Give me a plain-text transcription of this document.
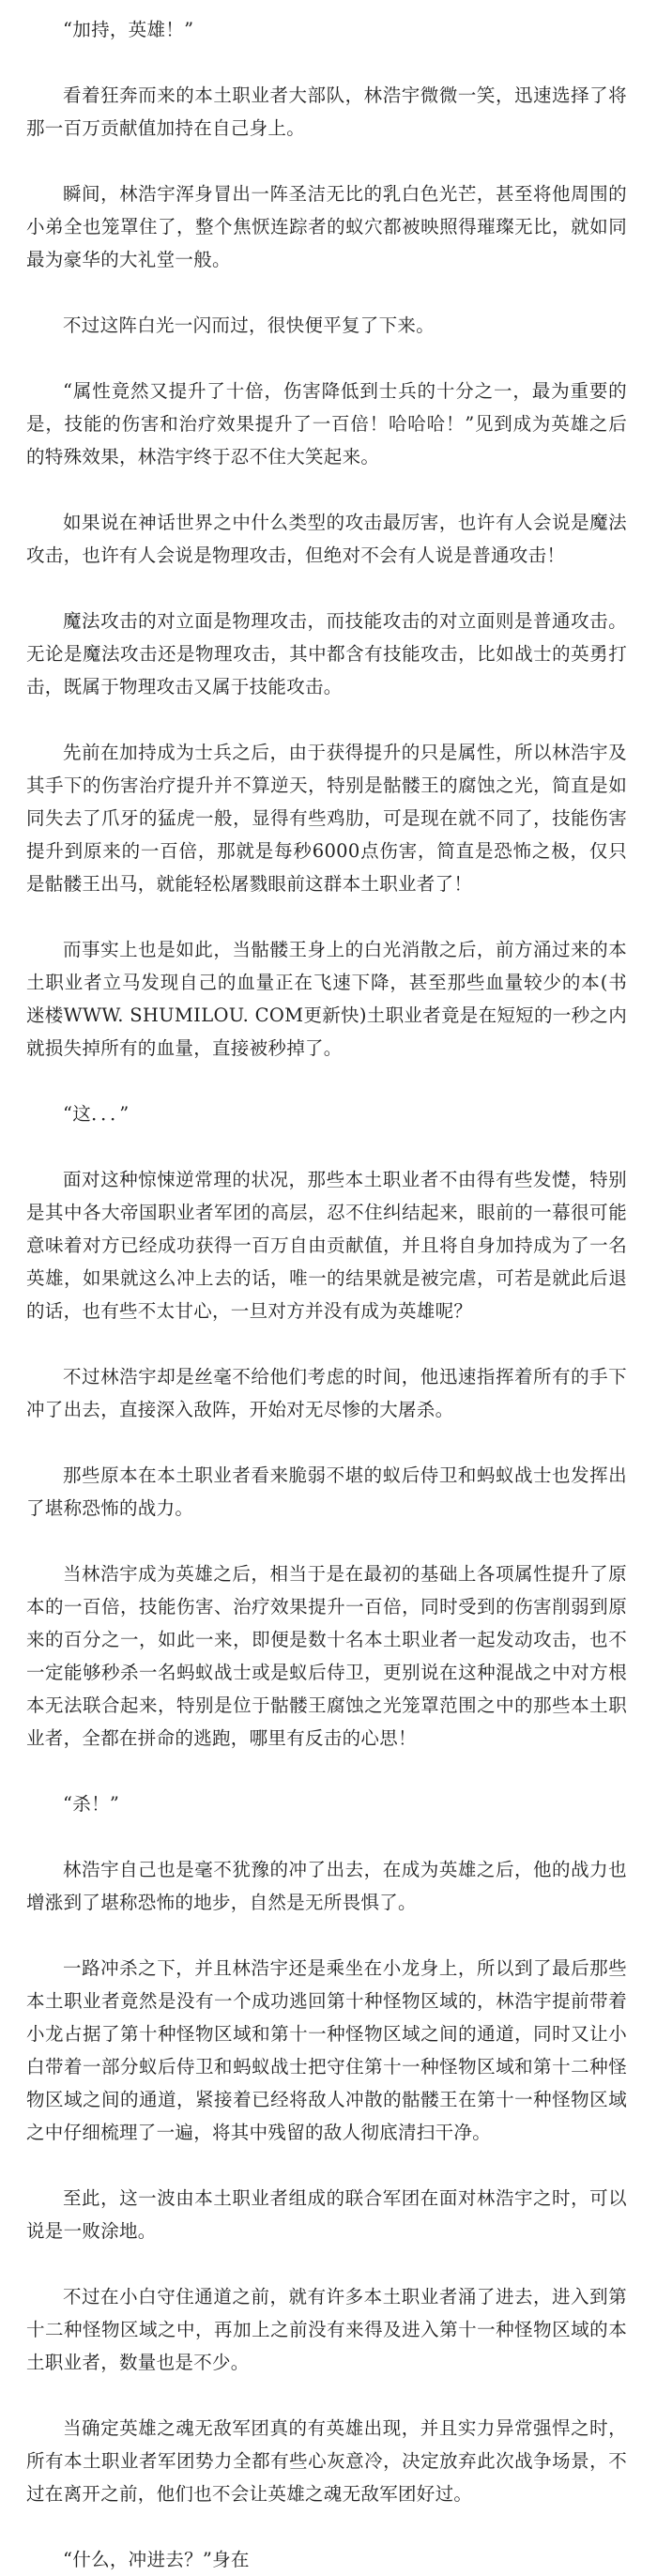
“加持，英雄！”

看着狂奔而来的本土职业者大部队，林浩宇微微一笑，迅速选择了将那一百万贡献值加持在自己身上。

瞬间，林浩宇浑身冒出一阵圣洁无比的乳白色光芒，甚至将他周围的小弟全也笼罩住了，整个焦恹连踪者的蚁穴都被映照得璀璨无比，就如同最为豪华的大礼堂一般。

不过这阵白光一闪而过，很快便平复了下来。

“属性竟然又提升了十倍，伤害降低到士兵的十分之一，最为重要的是，技能的伤害和治疗效果提升了一百倍！哈哈哈！”见到成为英雄之后的特殊效果，林浩宇终于忍不住大笑起来。

如果说在神话世界之中什么类型的攻击最厉害，也许有人会说是魔法攻击，也许有人会说是物理攻击，但绝对不会有人说是普通攻击！

魔法攻击的对立面是物理攻击，而技能攻击的对立面则是普通攻击。无论是魔法攻击还是物理攻击，其中都含有技能攻击，比如战士的英勇打击，既属于物理攻击又属于技能攻击。

先前在加持成为士兵之后，由于获得提升的只是属性，所以林浩宇及其手下的伤害治疗提升并不算逆天，特别是骷髅王的腐蚀之光，简直是如同失去了爪牙的猛虎一般，显得有些鸡肋，可是现在就不同了，技能伤害提升到原来的一百倍，那就是每秒6000点伤害，简直是恐怖之极，仅只是骷髅王出马，就能轻松屠戮眼前这群本土职业者了！

而事实上也是如此，当骷髅王身上的白光消散之后，前方涌过来的本土职业者立马发现自己的血量正在飞速下降，甚至那些血量较少的本(书迷楼WWW. SHUMILOU. COM更新快)土职业者竟是在短短的一秒之内就损失掉所有的血量，直接被秒掉了。

“这．．．”

面对这种惊悚逆常理的状况，那些本土职业者不由得有些发憷，特别是其中各大帝国职业者军团的高层，忍不住纠结起来，眼前的一幕很可能意味着对方已经成功获得一百万自由贡献值，并且将自身加持成为了一名英雄，如果就这么冲上去的话，唯一的结果就是被完虐，可若是就此后退的话，也有些不太甘心，一旦对方并没有成为英雄呢？

不过林浩宇却是丝毫不给他们考虑的时间，他迅速指挥着所有的手下冲了出去，直接深入敌阵，开始对无尽惨的大屠杀。

那些原本在本土职业者看来脆弱不堪的蚁后侍卫和蚂蚁战士也发挥出了堪称恐怖的战力。

当林浩宇成为英雄之后，相当于是在最初的基础上各项属性提升了原本的一百倍，技能伤害、治疗效果提升一百倍，同时受到的伤害削弱到原来的百分之一，如此一来，即便是数十名本土职业者一起发动攻击，也不一定能够秒杀一名蚂蚁战士或是蚁后侍卫，更别说在这种混战之中对方根本无法联合起来，特别是位于骷髅王腐蚀之光笼罩范围之中的那些本土职业者，全都在拼命的逃跑，哪里有反击的心思！

“杀！”

林浩宇自己也是毫不犹豫的冲了出去，在成为英雄之后，他的战力也增涨到了堪称恐怖的地步，自然是无所畏惧了。

一路冲杀之下，并且林浩宇还是乘坐在小龙身上，所以到了最后那些本土职业者竟然是没有一个成功逃回第十种怪物区域的，林浩宇提前带着小龙占据了第十种怪物区域和第十一种怪物区域之间的通道，同时又让小白带着一部分蚁后侍卫和蚂蚁战士把守住第十一种怪物区域和第十二种怪物区域之间的通道，紧接着已经将敌人冲散的骷髅王在第十一种怪物区域之中仔细梳理了一遍，将其中残留的敌人彻底清扫干净。

至此，这一波由本土职业者组成的联合军团在面对林浩宇之时，可以说是一败涂地。

不过在小白守住通道之前，就有许多本土职业者涌了进去，进入到第十二种怪物区域之中，再加上之前没有来得及进入第十一种怪物区域的本土职业者，数量也是不少。

当确定英雄之魂无敌军团真的有英雄出现，并且实力异常强悍之时，所有本土职业者军团势力全都有些心灰意冷，决定放弃此次战争场景，不过在离开之前，他们也不会让英雄之魂无敌军团好过。

“什么，冲进去？”身在
